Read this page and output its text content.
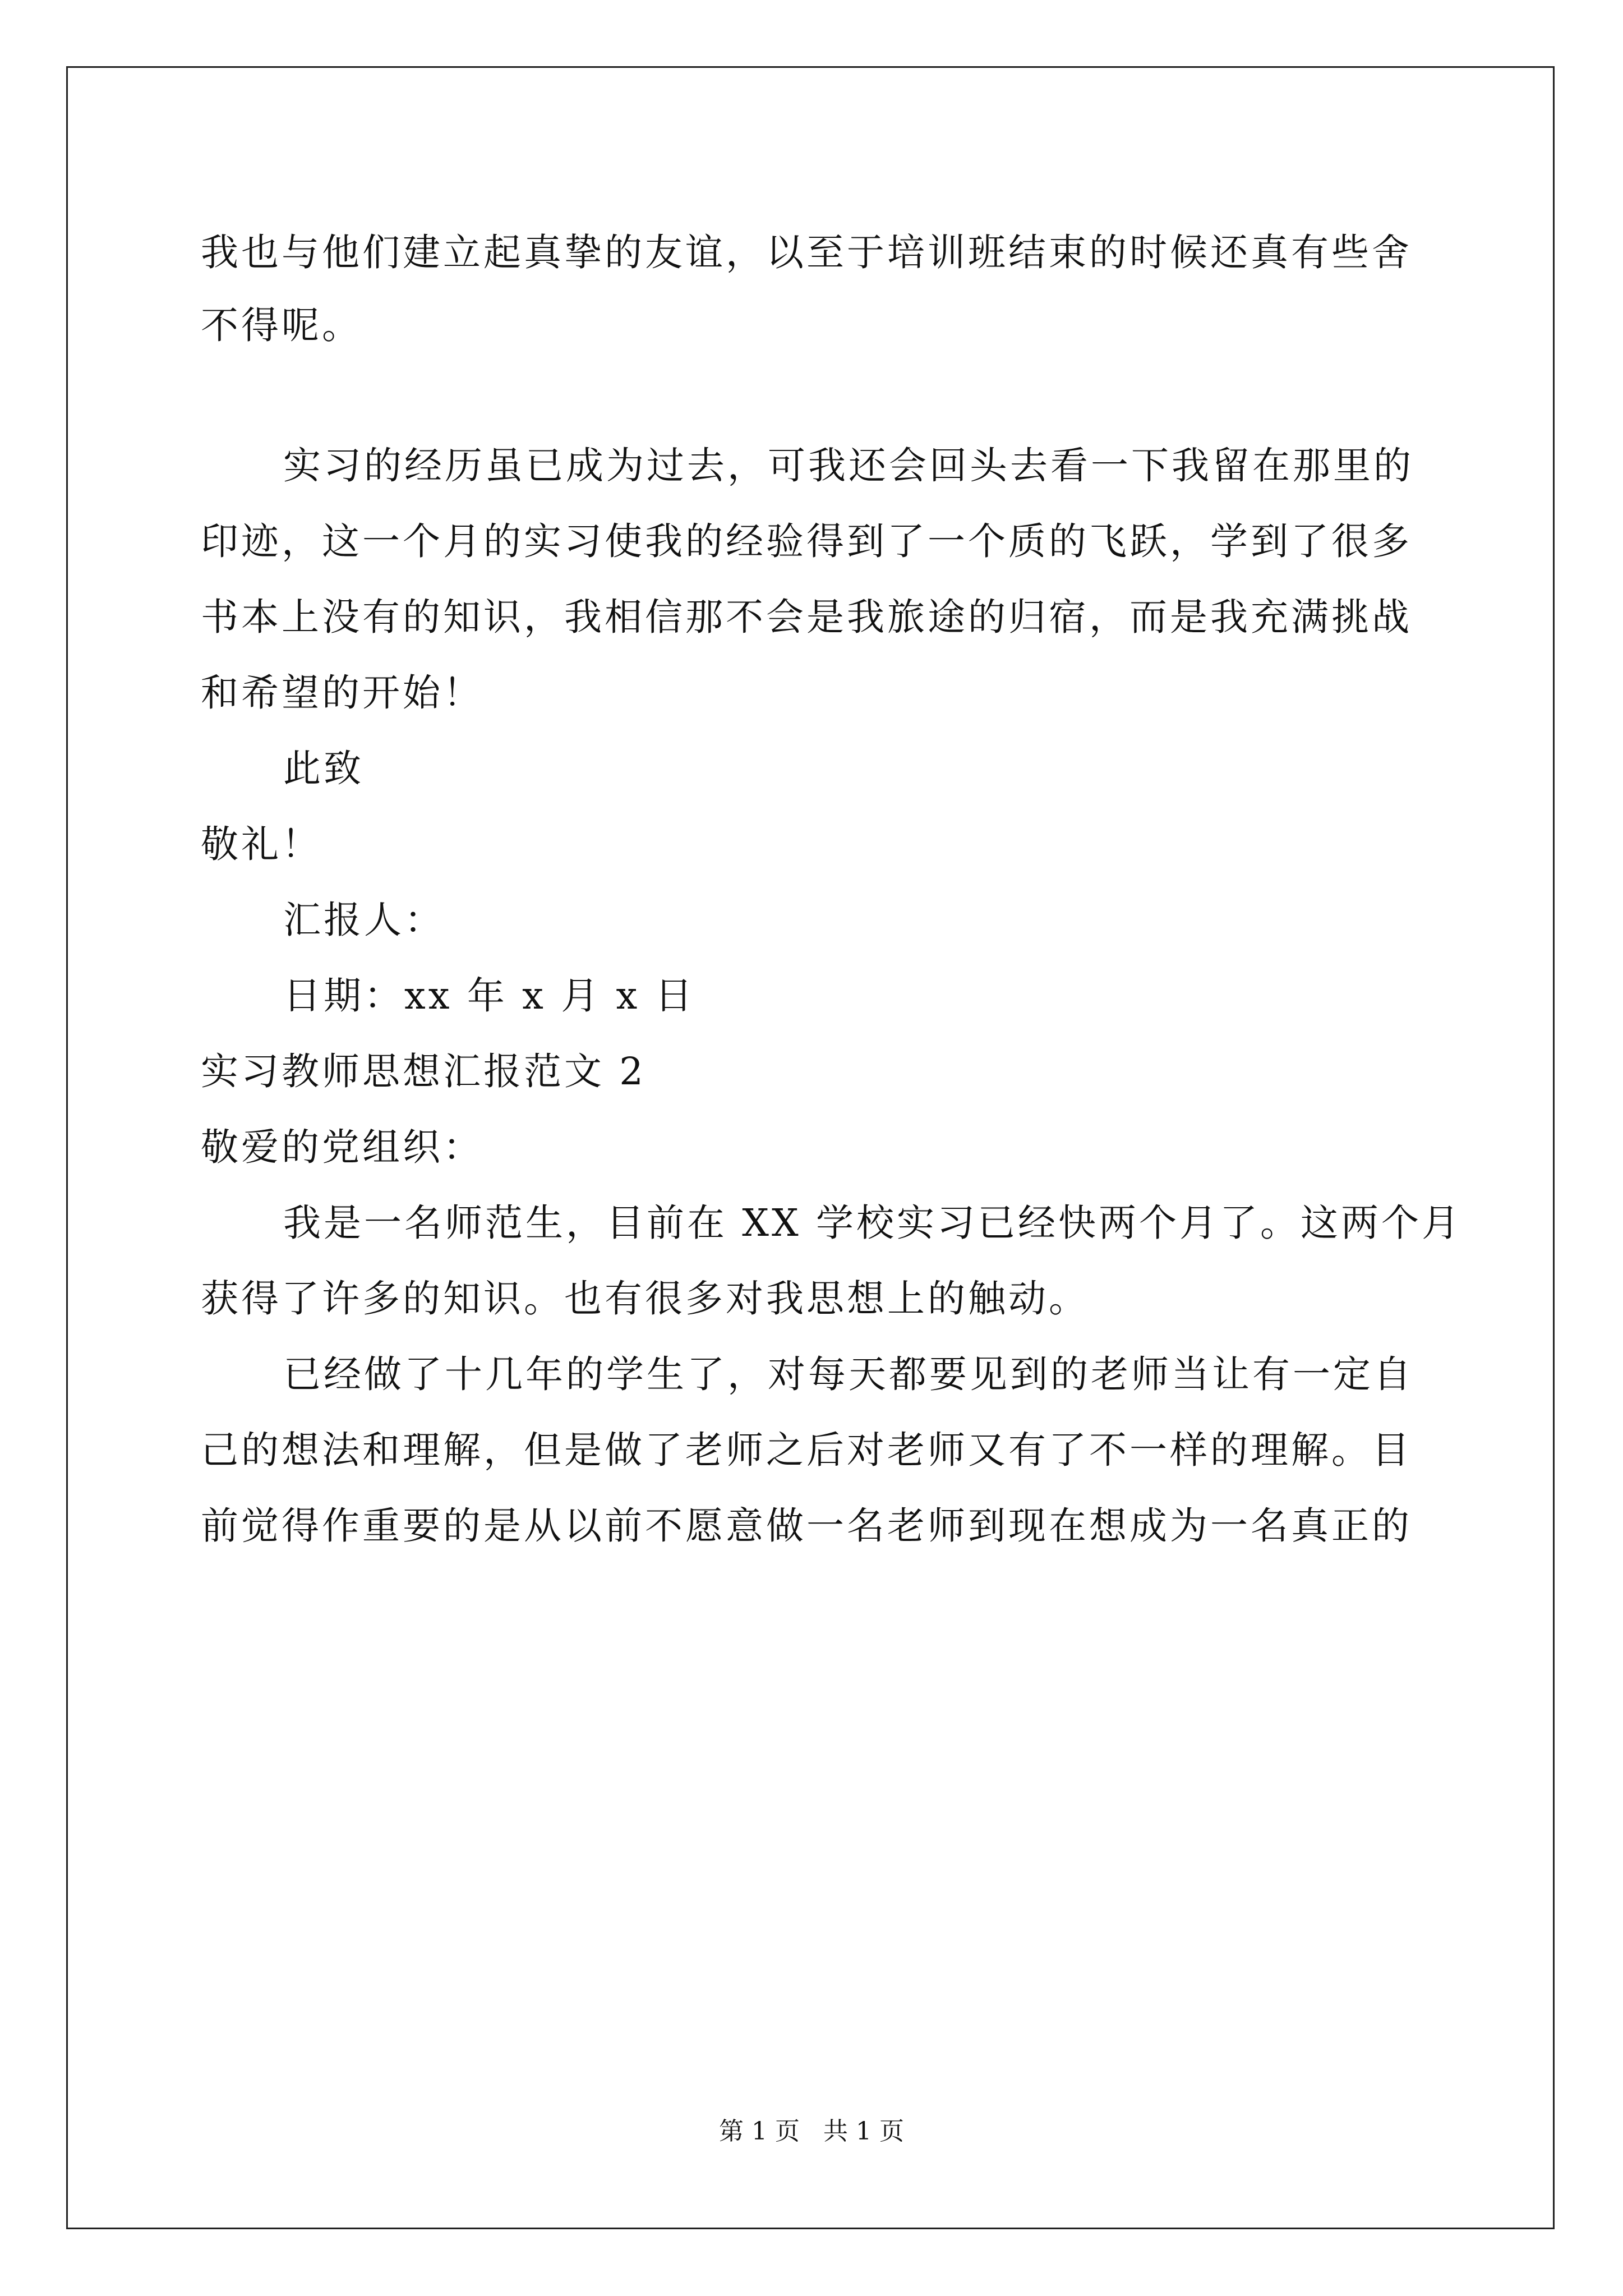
我也与他们建立起真挚的友谊，以至于培训班结束的时候还真有些舍
不得呢。
实习的经历虽已成为过去，可我还会回头去看一下我留在那里的
印迹，这一个月的实习使我的经验得到了一个质的飞跃，学到了很多
书本上没有的知识，我相信那不会是我旅途的归宿，而是我充满挑战
和希望的开始！
此致
敬礼！
汇报人：
日期：xx 年 x 月 x 日
实习教师思想汇报范文 2
敬爱的党组织：
我是一名师范生，目前在 XX 学校实习已经快两个月了。这两个月
获得了许多的知识。也有很多对我思想上的触动。
已经做了十几年的学生了，对每天都要见到的老师当让有一定自
己的想法和理解，但是做了老师之后对老师又有了不一样的理解。目
前觉得作重要的是从以前不愿意做一名老师到现在想成为一名真正的
第 1 页   共 1 页
